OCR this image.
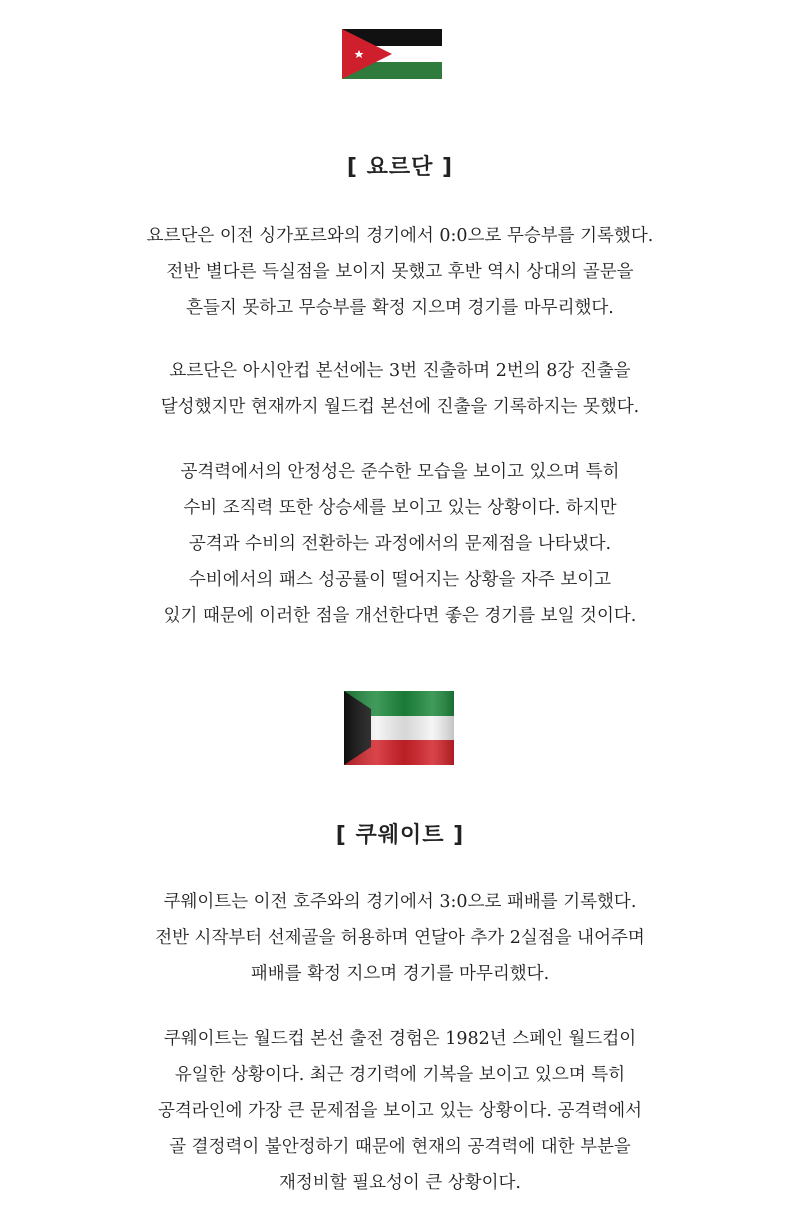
[ 요르단 ]

요르단은 이전 싱가포르와의 경기에서 0:0으로 무승부를 기록했다.
전반 별다른 득실점을 보이지 못했고 후반 역시 상대의 골문을
흔들지 못하고 무승부를 확정 지으며 경기를 마무리했다.

요르단은 아시안컵 본선에는 3번 진출하며 2번의 8강 진출을
달성했지만 현재까지 월드컵 본선에 진출을 기록하지는 못했다.

공격력에서의 안정성은 준수한 모습을 보이고 있으며 특히
수비 조직력 또한 상승세를 보이고 있는 상황이다. 하지만
공격과 수비의 전환하는 과정에서의 문제점을 나타냈다.
수비에서의 패스 성공률이 떨어지는 상황을 자주 보이고
있기 때문에 이러한 점을 개선한다면 좋은 경기를 보일 것이다.

[ 쿠웨이트 ]

쿠웨이트는 이전 호주와의 경기에서 3:0으로 패배를 기록했다.
전반 시작부터 선제골을 허용하며 연달아 추가 2실점을 내어주며
패배를 확정 지으며 경기를 마무리했다.

쿠웨이트는 월드컵 본선 출전 경험은 1982년 스페인 월드컵이
유일한 상황이다. 최근 경기력에 기복을 보이고 있으며 특히
공격라인에 가장 큰 문제점을 보이고 있는 상황이다. 공격력에서
골 결정력이 불안정하기 때문에 현재의 공격력에 대한 부분을
재정비할 필요성이 큰 상황이다.
